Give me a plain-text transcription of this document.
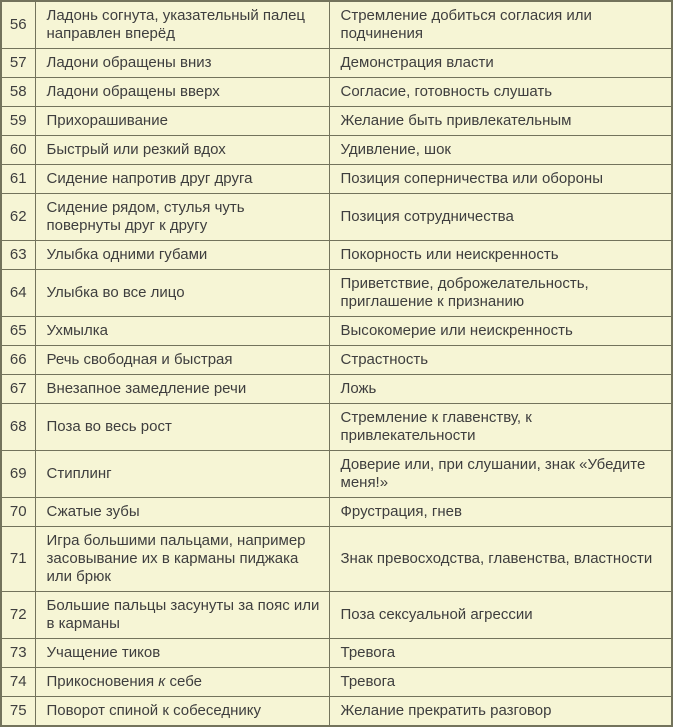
56	Ладонь согнута, указательный палец направлен вперёд	Стремление добиться согласия или подчинения
57	Ладони обращены вниз	Демонстрация власти
58	Ладони обращены вверх	Согласие, готовность слушать
59	Прихорашивание	Желание быть привлекательным
60	Быстрый или резкий вдох	Удивление, шок
61	Сидение напротив друг друга	Позиция соперничества или обороны
62	Сидение рядом, стулья чуть повернуты друг к другу	Позиция сотрудничества
63	Улыбка одними губами	Покорность или неискренность
64	Улыбка во все лицо	Приветствие, доброжелательность, приглашение к признанию
65	Ухмылка	Высокомерие или неискренность
66	Речь свободная и быстрая	Страстность
67	Внезапное замедление речи	Ложь
68	Поза во весь рост	Стремление к главенству, к привлекательности
69	Стиплинг	Доверие или, при слушании, знак «Убедите меня!»
70	Сжатые зубы	Фрустрация, гнев
71	Игра большими пальцами, например засовывание их в карманы пиджака или брюк	Знак превосходства, главенства, властности
72	Большие пальцы засунуты за пояс или в карманы	Поза сексуальной агрессии
73	Учащение тиков	Тревога
74	Прикосновения к себе	Тревога
75	Поворот спиной к собеседнику	Желание прекратить разговор
